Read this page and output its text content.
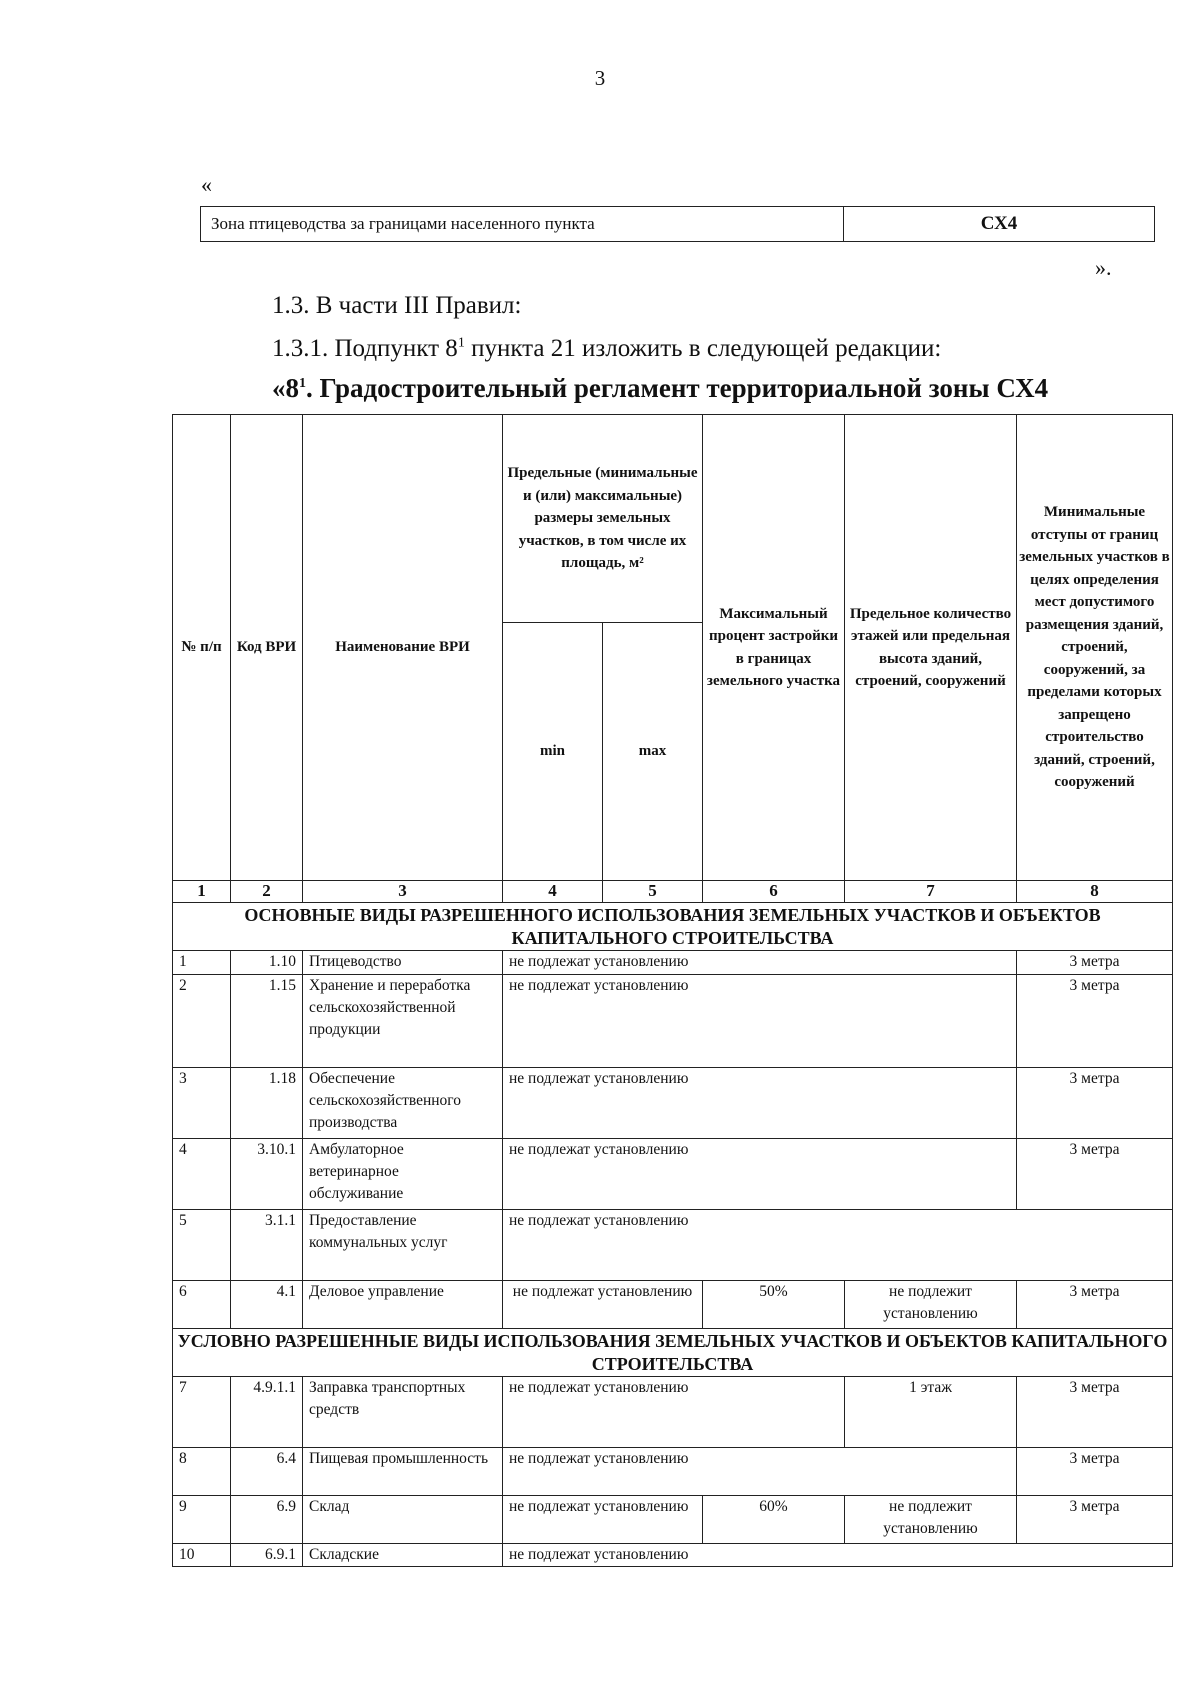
3
«
Зона птицеводства за границами населенного пункта	СХ4
».
1.3. В части III Правил:
1.3.1. Подпункт $8^1$ пункта 21 изложить в следующей редакции:
«$8^1$. Градостроительный регламент территориальной зоны СХ4
№ п/п	Код ВРИ	Наименование ВРИ	Предельные (минимальные и (или) максимальные) размеры земельных участков, в том числе их площадь, м²		Максимальный процент застройки в границах земельного участка	Предельное количество этажей или предельная высота зданий, строений, сооружений	Минимальные отступы от границ земельных участков в целях определения мест допустимого размещения зданий, строений, сооружений, за пределами которых запрещено строительство зданий, строений, сооружений
			min	max			
1	2	3	4	5	6	7	8
ОСНОВНЫЕ ВИДЫ РАЗРЕШЕННОГО ИСПОЛЬЗОВАНИЯ ЗЕМЕЛЬНЫХ УЧАСТКОВ И ОБЪЕКТОВ КАПИТАЛЬНОГО СТРОИТЕЛЬСТВА							
1	1.10	Птицеводство	не подлежат установлению				3 метра
2	1.15	Хранение и переработка сельскохозяйственной продукции	не подлежат установлению				3 метра
3	1.18	Обеспечение сельскохозяйственного производства	не подлежат установлению				3 метра
4	3.10.1	Амбулаторное ветеринарное обслуживание	не подлежат установлению				3 метра
5	3.1.1	Предоставление коммунальных услуг	не подлежат установлению				
6	4.1	Деловое управление	не подлежат установлению		50%	не подлежит установлению	3 метра
УСЛОВНО РАЗРЕШЕННЫЕ ВИДЫ ИСПОЛЬЗОВАНИЯ ЗЕМЕЛЬНЫХ УЧАСТКОВ И ОБЪЕКТОВ КАПИТАЛЬНОГО СТРОИТЕЛЬСТВА							
7	4.9.1.1	Заправка транспортных средств	не подлежат установлению			1 этаж	3 метра
8	6.4	Пищевая промышленность	не подлежат установлению				3 метра
9	6.9	Склад	не подлежат установлению		60%	не подлежит установлению	3 метра
10	6.9.1	Складские	не подлежат установлению				
